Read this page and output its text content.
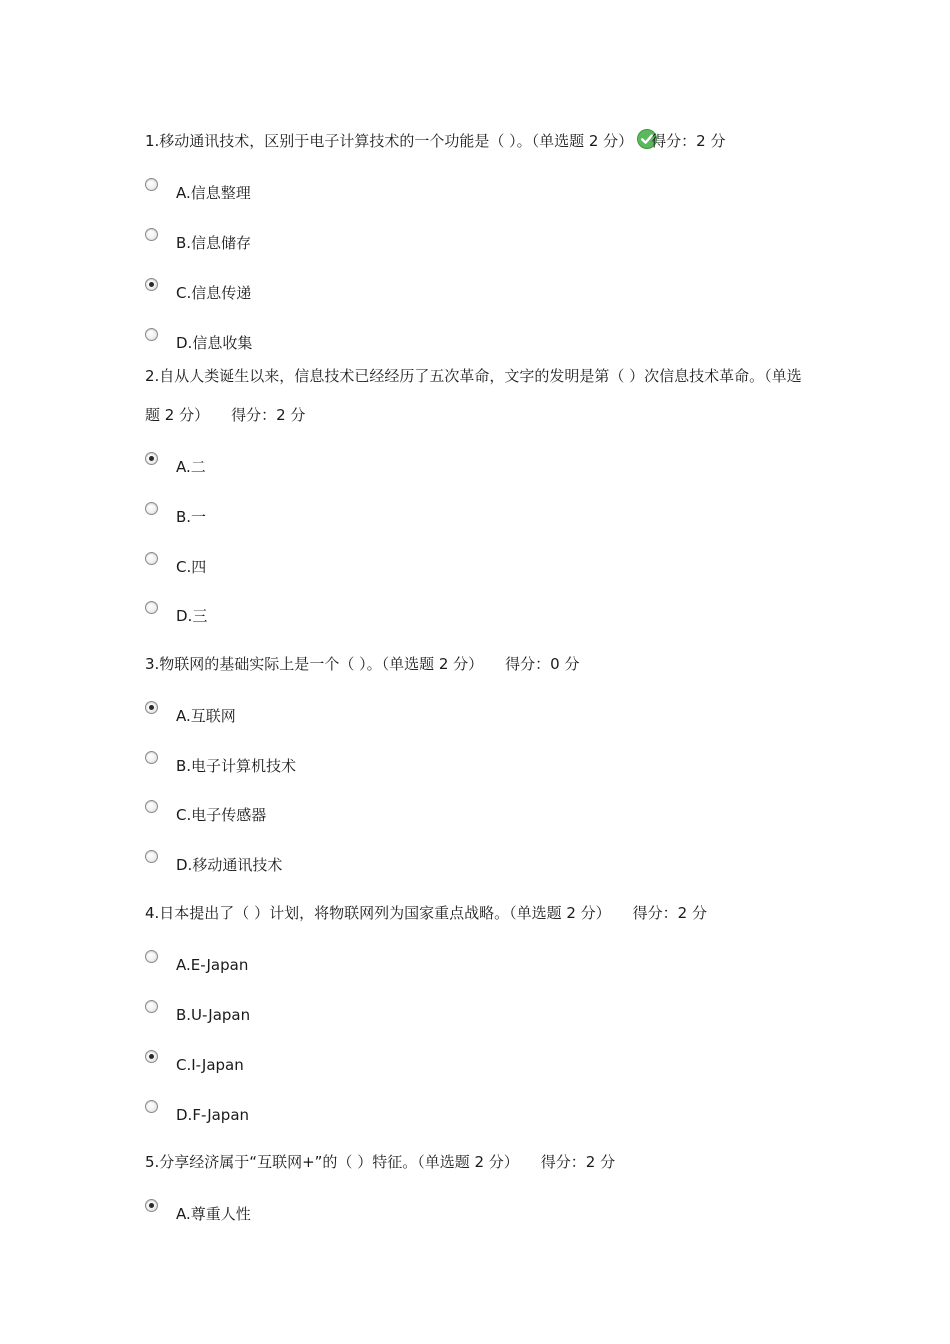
1.移动通讯技术，区别于电子计算技术的一个功能是（ ）。（单选题 2 分） 得分：2 分

A.信息整理
B.信息储存
C.信息传递
D.信息收集

2.自从人类诞生以来，信息技术已经经历了五次革命，文字的发明是第（ ）次信息技术革命。（单选题 2 分） 得分：2 分

A.二
B.一
C.四
D.三

3.物联网的基础实际上是一个（ ）。（单选题 2 分） 得分：0 分

A.互联网
B.电子计算机技术
C.电子传感器
D.移动通讯技术

4.日本提出了（ ）计划，将物联网列为国家重点战略。（单选题 2 分） 得分：2 分

A.E-Japan
B.U-Japan
C.I-Japan
D.F-Japan

5.分享经济属于“互联网+”的（ ）特征。（单选题 2 分） 得分：2 分

A.尊重人性
